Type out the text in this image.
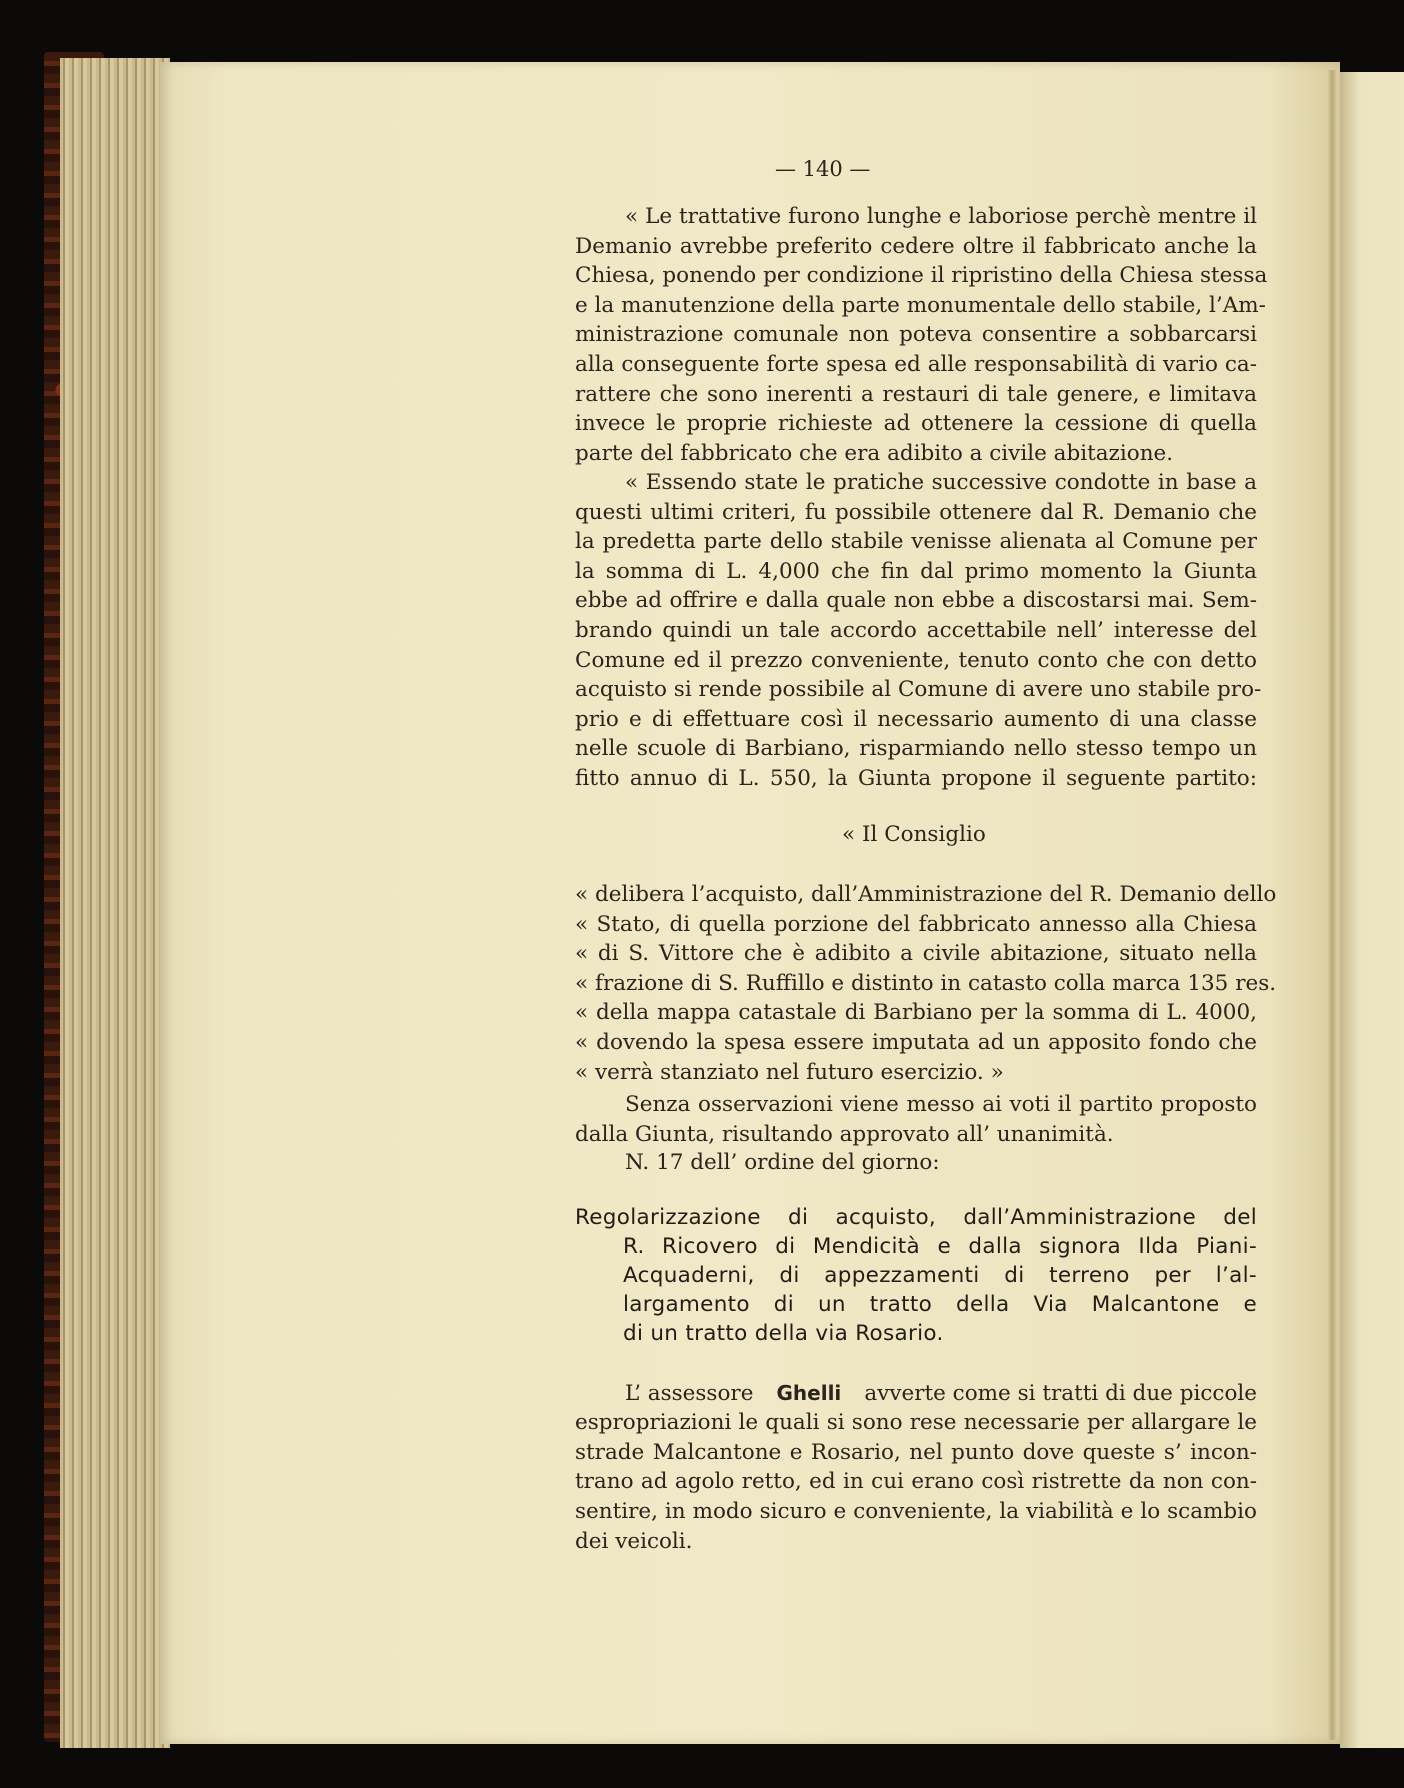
— 140 —
« Le trattative furono lunghe e laboriose perchè mentre il
Demanio avrebbe preferito cedere oltre il fabbricato anche la
Chiesa, ponendo per condizione il ripristino della Chiesa stessa
e la manutenzione della parte monumentale dello stabile, l’Am-
ministrazione comunale non poteva consentire a sobbarcarsi
alla conseguente forte spesa ed alle responsabilità di vario ca-
rattere che sono inerenti a restauri di tale genere, e limitava
invece le proprie richieste ad ottenere la cessione di quella
parte del fabbricato che era adibito a civile abitazione.
« Essendo state le pratiche successive condotte in base a
questi ultimi criteri, fu possibile ottenere dal R. Demanio che
la predetta parte dello stabile venisse alienata al Comune per
la somma di L. 4,000 che fin dal primo momento la Giunta
ebbe ad offrire e dalla quale non ebbe a discostarsi mai. Sem-
brando quindi un tale accordo accettabile nell’ interesse del
Comune ed il prezzo conveniente, tenuto conto che con detto
acquisto si rende possibile al Comune di avere uno stabile pro-
prio e di effettuare così il necessario aumento di una classe
nelle scuole di Barbiano, risparmiando nello stesso tempo un
fitto annuo di L. 550, la Giunta propone il seguente partito:
« Il Consiglio
« delibera l’acquisto, dall’Amministrazione del R. Demanio dello
« Stato, di quella porzione del fabbricato annesso alla Chiesa
« di S. Vittore che è adibito a civile abitazione, situato nella
« frazione di S. Ruffillo e distinto in catasto colla marca 135 res.
« della mappa catastale di Barbiano per la somma di L. 4000,
« dovendo la spesa essere imputata ad un apposito fondo che
« verrà stanziato nel futuro esercizio. »
Senza osservazioni viene messo ai voti il partito proposto
dalla Giunta, risultando approvato all’ unanimità.
N. 17 dell’ ordine del giorno:
Regolarizzazione di acquisto, dall’Amministrazione del
R. Ricovero di Mendicità e dalla signora Ilda Piani-
Acquaderni, di appezzamenti di terreno per l’al-
largamento di un tratto della Via Malcantone e
di un tratto della via Rosario.
L’ assessore Ghelli avverte come si tratti di due piccole
espropriazioni le quali si sono rese necessarie per allargare le
strade Malcantone e Rosario, nel punto dove queste s’ incon-
trano ad agolo retto, ed in cui erano così ristrette da non con-
sentire, in modo sicuro e conveniente, la viabilità e lo scambio
dei veicoli.
